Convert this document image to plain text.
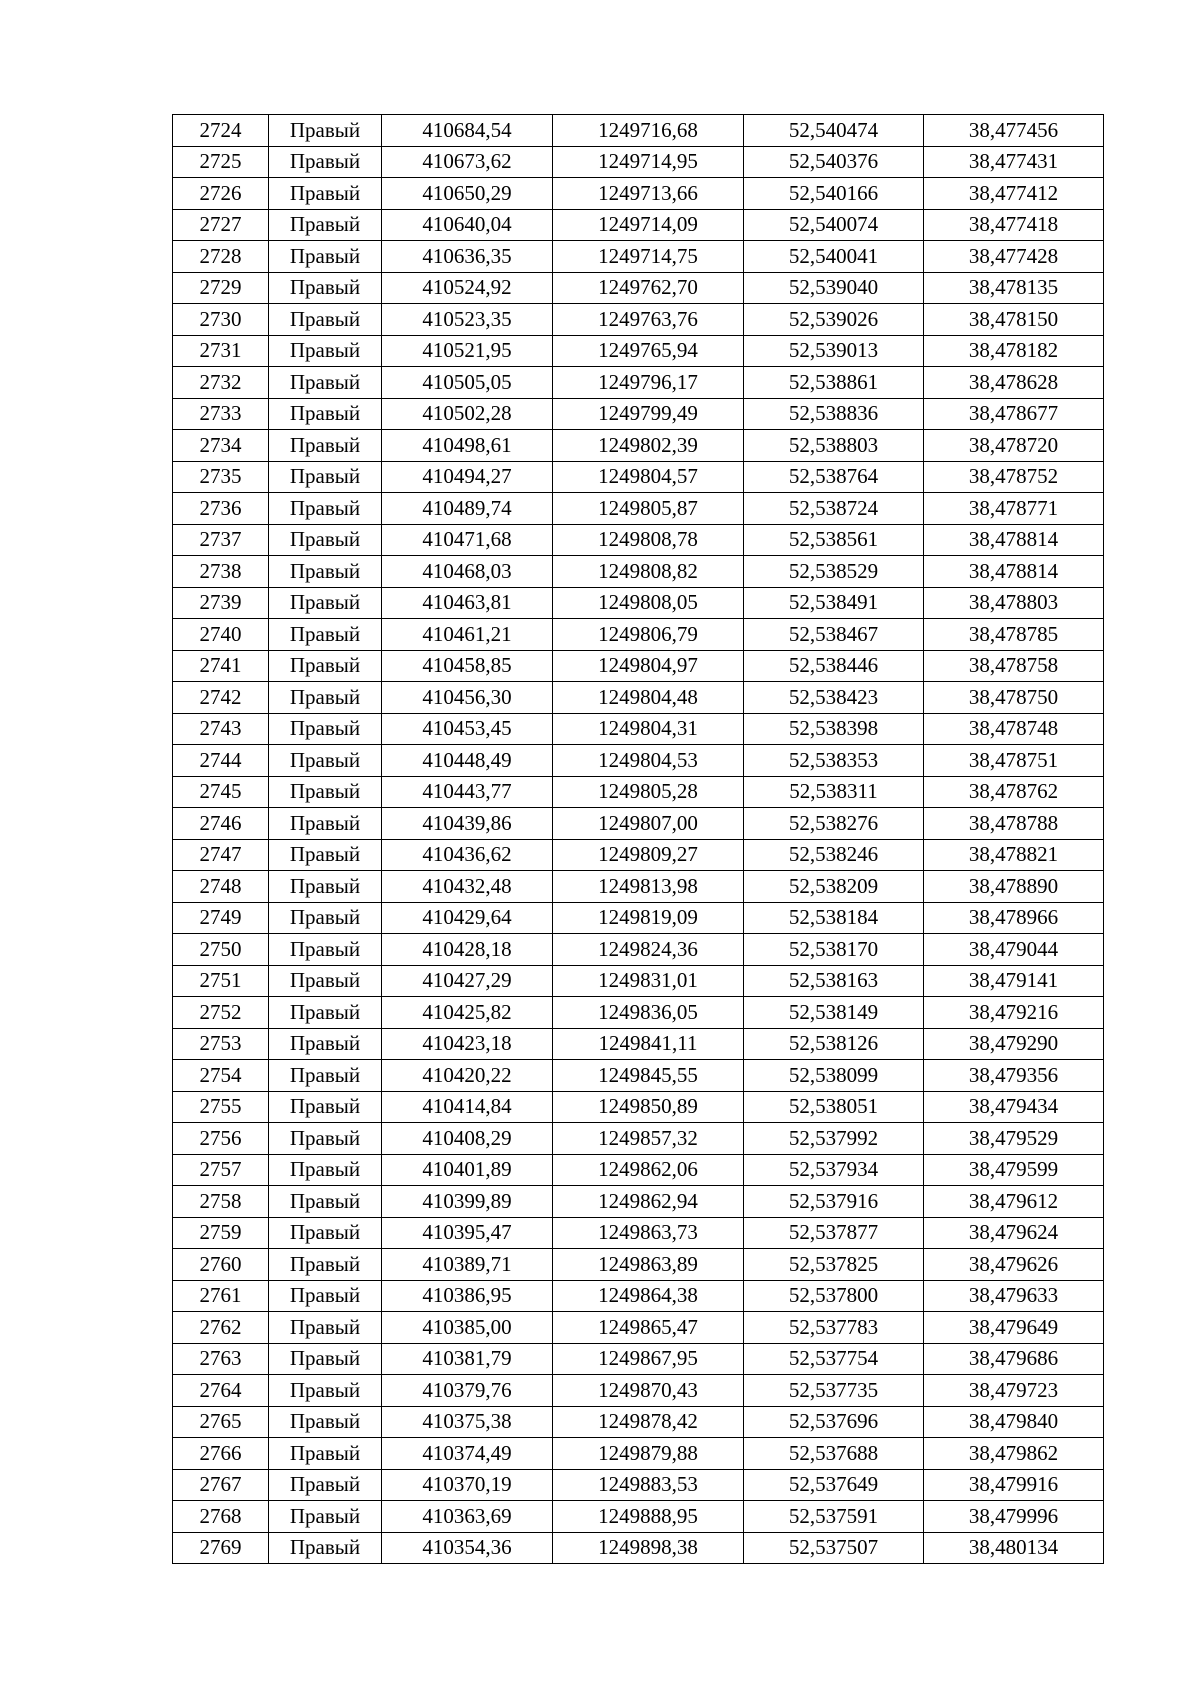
2724	Правый	410684,54	1249716,68	52,540474	38,477456
2725	Правый	410673,62	1249714,95	52,540376	38,477431
2726	Правый	410650,29	1249713,66	52,540166	38,477412
2727	Правый	410640,04	1249714,09	52,540074	38,477418
2728	Правый	410636,35	1249714,75	52,540041	38,477428
2729	Правый	410524,92	1249762,70	52,539040	38,478135
2730	Правый	410523,35	1249763,76	52,539026	38,478150
2731	Правый	410521,95	1249765,94	52,539013	38,478182
2732	Правый	410505,05	1249796,17	52,538861	38,478628
2733	Правый	410502,28	1249799,49	52,538836	38,478677
2734	Правый	410498,61	1249802,39	52,538803	38,478720
2735	Правый	410494,27	1249804,57	52,538764	38,478752
2736	Правый	410489,74	1249805,87	52,538724	38,478771
2737	Правый	410471,68	1249808,78	52,538561	38,478814
2738	Правый	410468,03	1249808,82	52,538529	38,478814
2739	Правый	410463,81	1249808,05	52,538491	38,478803
2740	Правый	410461,21	1249806,79	52,538467	38,478785
2741	Правый	410458,85	1249804,97	52,538446	38,478758
2742	Правый	410456,30	1249804,48	52,538423	38,478750
2743	Правый	410453,45	1249804,31	52,538398	38,478748
2744	Правый	410448,49	1249804,53	52,538353	38,478751
2745	Правый	410443,77	1249805,28	52,538311	38,478762
2746	Правый	410439,86	1249807,00	52,538276	38,478788
2747	Правый	410436,62	1249809,27	52,538246	38,478821
2748	Правый	410432,48	1249813,98	52,538209	38,478890
2749	Правый	410429,64	1249819,09	52,538184	38,478966
2750	Правый	410428,18	1249824,36	52,538170	38,479044
2751	Правый	410427,29	1249831,01	52,538163	38,479141
2752	Правый	410425,82	1249836,05	52,538149	38,479216
2753	Правый	410423,18	1249841,11	52,538126	38,479290
2754	Правый	410420,22	1249845,55	52,538099	38,479356
2755	Правый	410414,84	1249850,89	52,538051	38,479434
2756	Правый	410408,29	1249857,32	52,537992	38,479529
2757	Правый	410401,89	1249862,06	52,537934	38,479599
2758	Правый	410399,89	1249862,94	52,537916	38,479612
2759	Правый	410395,47	1249863,73	52,537877	38,479624
2760	Правый	410389,71	1249863,89	52,537825	38,479626
2761	Правый	410386,95	1249864,38	52,537800	38,479633
2762	Правый	410385,00	1249865,47	52,537783	38,479649
2763	Правый	410381,79	1249867,95	52,537754	38,479686
2764	Правый	410379,76	1249870,43	52,537735	38,479723
2765	Правый	410375,38	1249878,42	52,537696	38,479840
2766	Правый	410374,49	1249879,88	52,537688	38,479862
2767	Правый	410370,19	1249883,53	52,537649	38,479916
2768	Правый	410363,69	1249888,95	52,537591	38,479996
2769	Правый	410354,36	1249898,38	52,537507	38,480134
